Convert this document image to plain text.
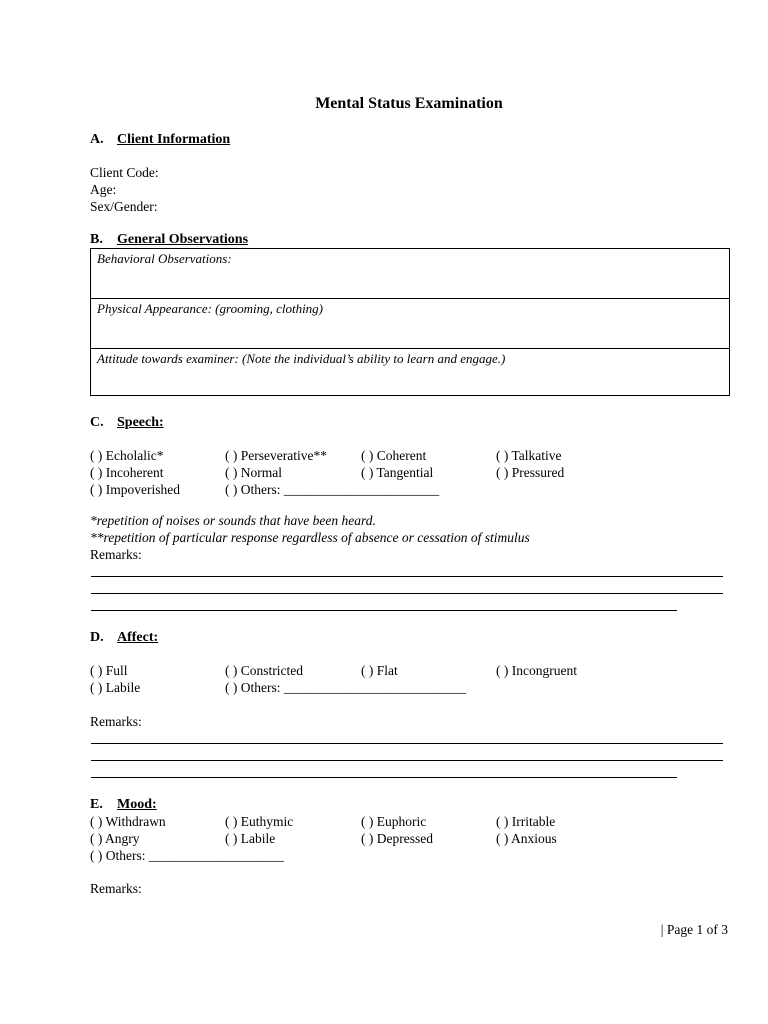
Mental Status Examination
A. Client Information
Client Code:
Age:
Sex/Gender:
B. General Observations
Behavioral Observations:
Physical Appearance: (grooming, clothing)
Attitude towards examiner: (Note the individual’s ability to learn and engage.)
C. Speech:
( ) Echolalic*	( ) Perseverative**	( ) Coherent	( ) Talkative
( ) Incoherent	( ) Normal	( ) Tangential	( ) Pressured
( ) Impoverished	( ) Others: _______________________
*repetition of noises or sounds that have been heard.
**repetition of particular response regardless of absence or cessation of stimulus
Remarks:
D. Affect:
( ) Full	( ) Constricted	( ) Flat	( ) Incongruent
( ) Labile	( ) Others: ___________________________
Remarks:
E. Mood:
( ) Withdrawn	( ) Euthymic	( ) Euphoric	( ) Irritable
( ) Angry	( ) Labile	( ) Depressed	( ) Anxious
( ) Others: ____________________
Remarks:
| Page 1 of 3
